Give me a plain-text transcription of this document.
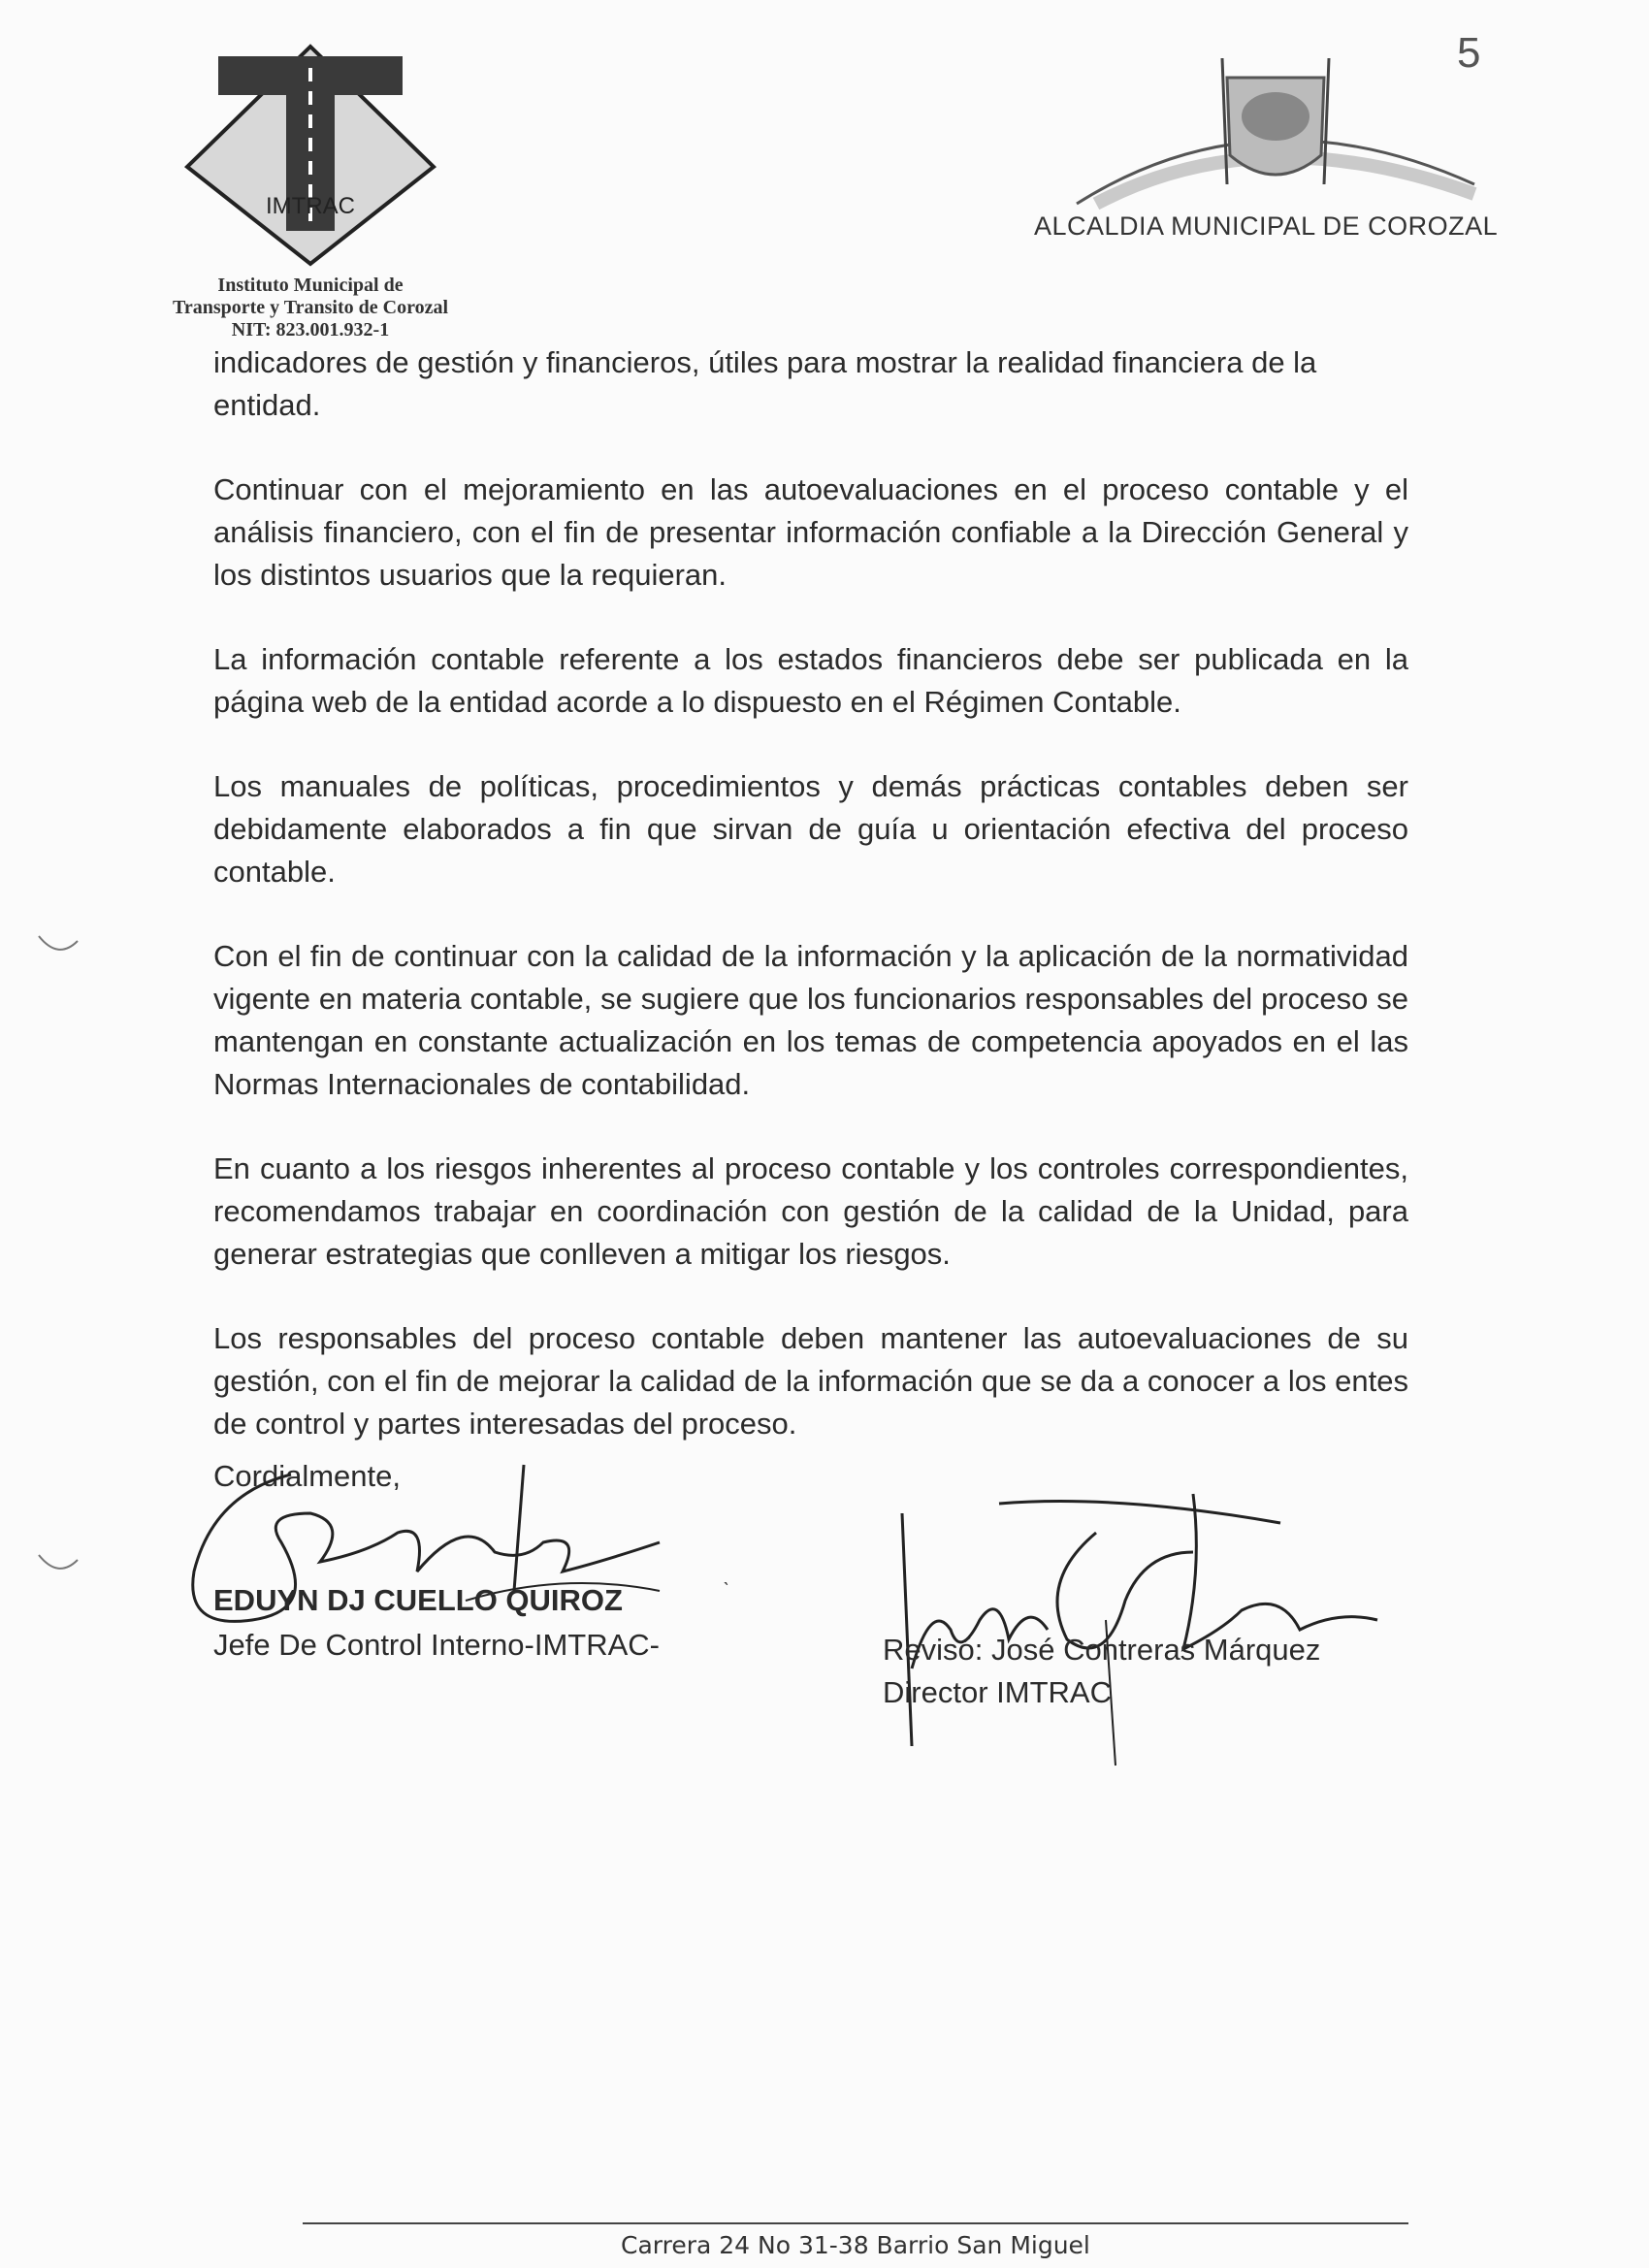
5
IMTRAC
Instituto Municipal de
Transporte y Transito de Corozal
NIT: 823.001.932-1
ALCALDIA MUNICIPAL DE COROZAL

indicadores de gestión y financieros, útiles para mostrar la realidad financiera de la entidad.

Continuar con el mejoramiento en las autoevaluaciones en el proceso contable y el análisis financiero, con el fin de presentar información confiable a la Dirección General y los distintos usuarios que la requieran.

La información contable referente a los estados financieros debe ser publicada en la página web de la entidad acorde a lo dispuesto en el Régimen Contable.

Los manuales de políticas, procedimientos y demás prácticas contables deben ser debidamente elaborados a fin que sirvan de guía u orientación efectiva del proceso contable.

Con el fin de continuar con la calidad de la información y la aplicación de la normatividad vigente en materia contable, se sugiere que los funcionarios responsables del proceso se mantengan en constante actualización en los temas de competencia apoyados en el las Normas Internacionales de contabilidad.

En cuanto a los riesgos inherentes al proceso contable y los controles correspondientes, recomendamos trabajar en coordinación con gestión de la calidad de la Unidad, para generar estrategias que conlleven a mitigar los riesgos.

Los responsables del proceso contable deben mantener las autoevaluaciones de su gestión, con el fin de mejorar la calidad de la información que se da a conocer a los entes de control y partes interesadas del proceso.

Cordialmente,
EDUYN DJ CUELLO QUIROZ
Jefe De Control Interno-IMTRAC-
ˋ
Revisó: José Contreras Márquez
Director IMTRAC
Carrera 24 No 31-38 Barrio San Miguel
